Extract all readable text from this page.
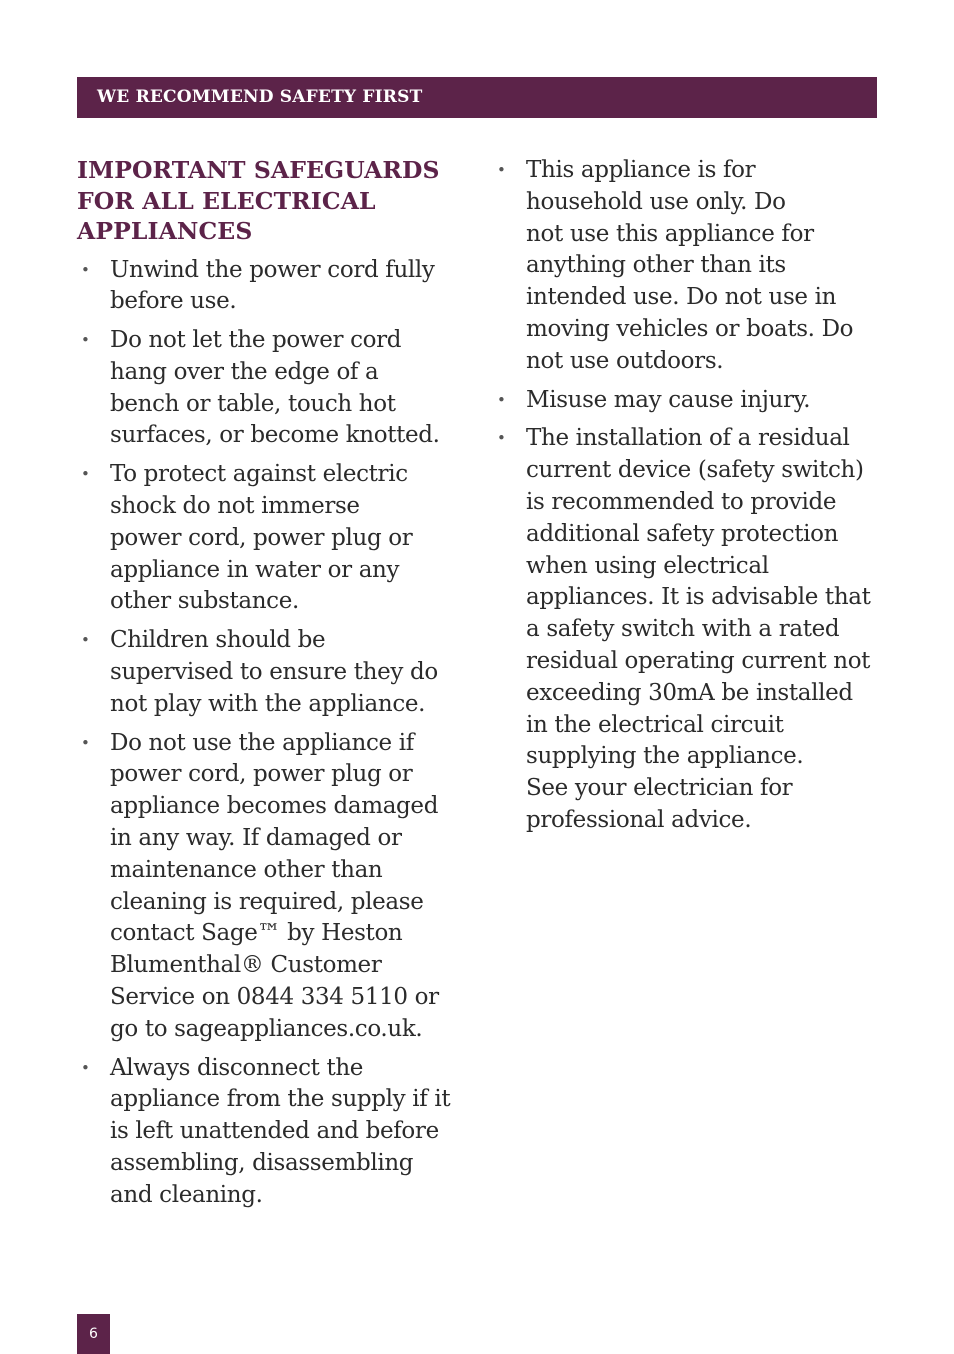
WE RECOMMEND SAFETY FIRST
IMPORTANT SAFEGUARDS
FOR ALL ELECTRICAL
APPLIANCES
• Unwind the power cord fully
before use.
• Do not let the power cord
hang over the edge of a
bench or table, touch hot
surfaces, or become knotted.
• To protect against electric
shock do not immerse
power cord, power plug or
appliance in water or any
other substance.
• Children should be
supervised to ensure they do
not play with the appliance.
• Do not use the appliance if
power cord, power plug or
appliance becomes damaged
in any way. If damaged or
maintenance other than
cleaning is required, please
contact Sage™ by Heston
Blumenthal® Customer
Service on 0844 334 5110 or
go to sageappliances.co.uk.
• Always disconnect the
appliance from the supply if it
is left unattended and before
assembling, disassembling
and cleaning.
• This appliance is for
household use only. Do
not use this appliance for
anything other than its
intended use. Do not use in
moving vehicles or boats. Do
not use outdoors.
• Misuse may cause injury.
• The installation of a residual
current device (safety switch)
is recommended to provide
additional safety protection
when using electrical
appliances. It is advisable that
a safety switch with a rated
residual operating current not
exceeding 30mA be installed
in the electrical circuit
supplying the appliance.
See your electrician for
professional advice.
6
